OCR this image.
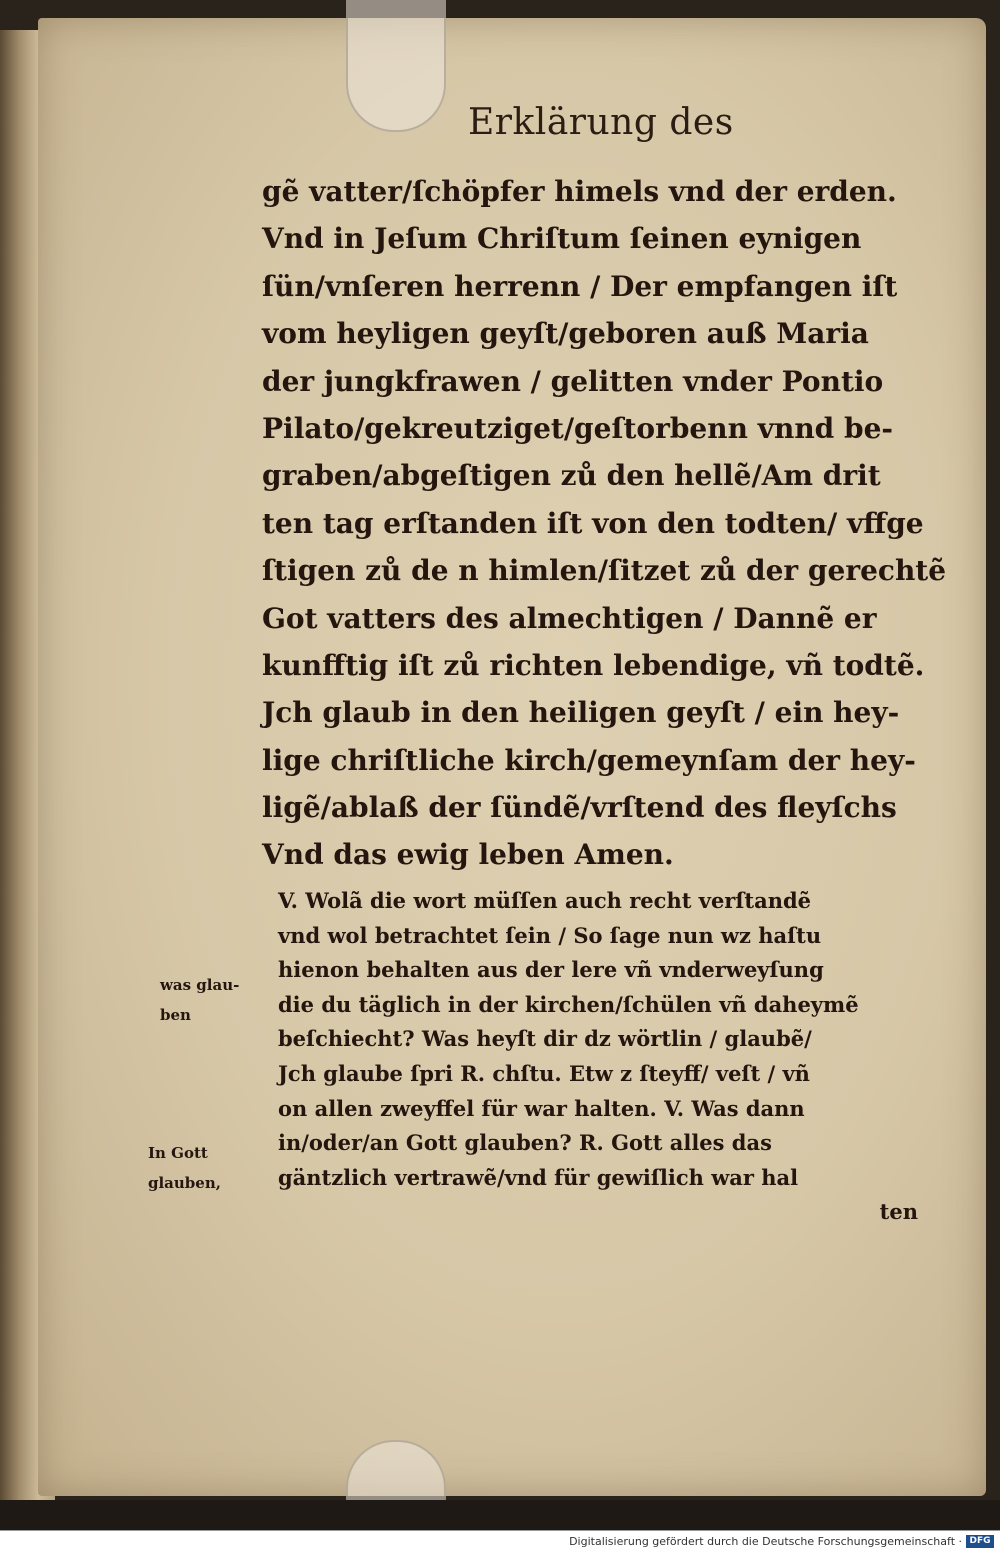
Erklärung des
gẽ vatter/ſchöpfer himels vnd der erden.
Vnd in Jeſum Chriſtum ſeinen eynigen
ſün/vnſeren herrenn / Der empfangen iſt
vom heyligen geyſt/geboren auß Maria
der jungkfrawen / gelitten vnder Pontio
Pilato/gekreutziget/geſtorbenn vnnd be-
graben/abgeſtigen zů den hellẽ/Am drit
ten tag erſtanden iſt von den todten/ vffge
ſtigen zů de n himlen/ſitzet zů der gerechtẽ
Got vatters des almechtigen / Dannẽ er
kunfftig iſt zů richten lebendige, vñ todtẽ.
Jch glaub in den heiligen geyſt / ein hey-
lige chriſtliche kirch/gemeynſam der hey-
ligẽ/ablaß der ſündẽ/vrſtend des fleyſchs
Vnd das ewig leben Amen.
V. Wolã die wort müſſen auch recht verſtandẽ
vnd wol betrachtet ſein / So ſage nun wz haſtu
hienon behalten aus der lere vñ vnderweyſung
die du täglich in der kirchen/ſchülen vñ daheymẽ
beſchiecht? Was heyſt dir dz wörtlin / glaubẽ/
Jch glaube ſpri R. chſtu. Etw z ſteyff/ veſt / vñ
on allen zweyffel für war halten. V. Was dann
in/oder/an Gott glauben? R. Gott alles das
gäntzlich vertrawẽ/vnd für gewiſlich war hal
ten
was glau-
ben
In Gott
glauben,
Digitalisierung gefördert durch die Deutsche Forschungsgemeinschaft · DFG
